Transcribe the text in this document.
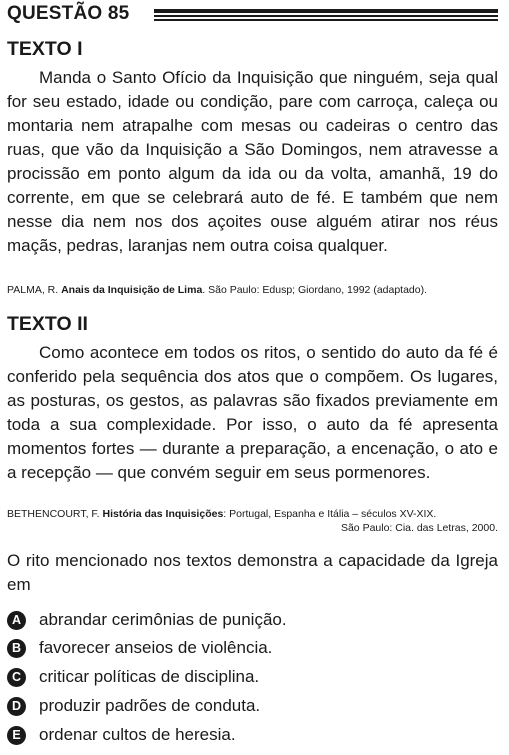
QUESTÃO 85
TEXTO I

Manda o Santo Ofício da Inquisição que ninguém, seja qual for seu estado, idade ou condição, pare com carroça, caleça ou montaria nem atrapalhe com mesas ou cadeiras o centro das ruas, que vão da Inquisição a São Domingos, nem atravesse a procissão em ponto algum da ida ou da volta, amanhã, 19 do corrente, em que se celebrará auto de fé. E também que nem nesse dia nem nos dos açoites ouse alguém atirar nos réus maçãs, pedras, laranjas nem outra coisa qualquer.

PALMA, R. Anais da Inquisição de Lima. São Paulo: Edusp; Giordano, 1992 (adaptado).
TEXTO II

Como acontece em todos os ritos, o sentido do auto da fé é conferido pela sequência dos atos que o compõem. Os lugares, as posturas, os gestos, as palavras são fixados previamente em toda a sua complexidade. Por isso, o auto da fé apresenta momentos fortes — durante a preparação, a encenação, o ato e a recepção — que convém seguir em seus pormenores.

BETHENCOURT, F. História das Inquisições: Portugal, Espanha e Itália – séculos XV-XIX.
São Paulo: Cia. das Letras, 2000.

O rito mencionado nos textos demonstra a capacidade da Igreja em

A abrandar cerimônias de punição.
B favorecer anseios de violência.
C criticar políticas de disciplina.
D produzir padrões de conduta.
E	ordenar cultos de heresia.
